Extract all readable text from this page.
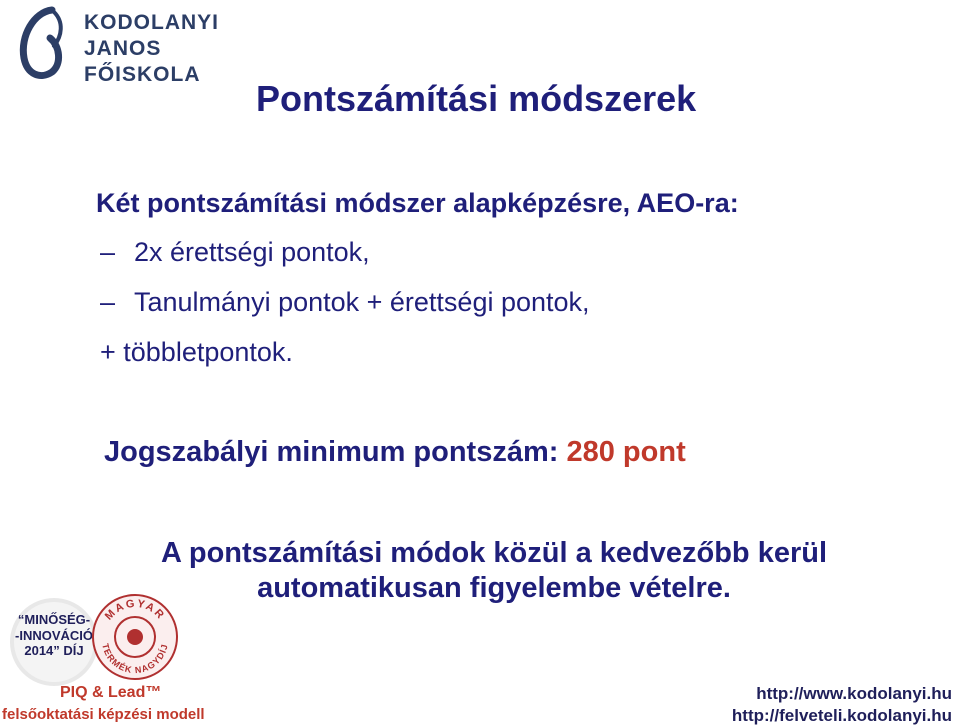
KODOLANYI
JANOS
FŐISKOLA
Pontszámítási módszerek
Két pontszámítási módszer alapképzésre, AEO-ra:
– 2x érettségi pontok,
– Tanulmányi pontok + érettségi pontok,
+ többletpontok.
Jogszabályi minimum pontszám: 280 pont
A pontszámítási módok közül a kedvezőbb kerül
automatikusan figyelembe vételre.
“MINŐSÉG-
-INNOVÁCIÓ
2014” DÍJ
MAGYAR
TERMÉK NAGYDÍJ
PIQ & Lead™
felsőoktatási képzési modell
http://www.kodolanyi.hu
http://felveteli.kodolanyi.hu
